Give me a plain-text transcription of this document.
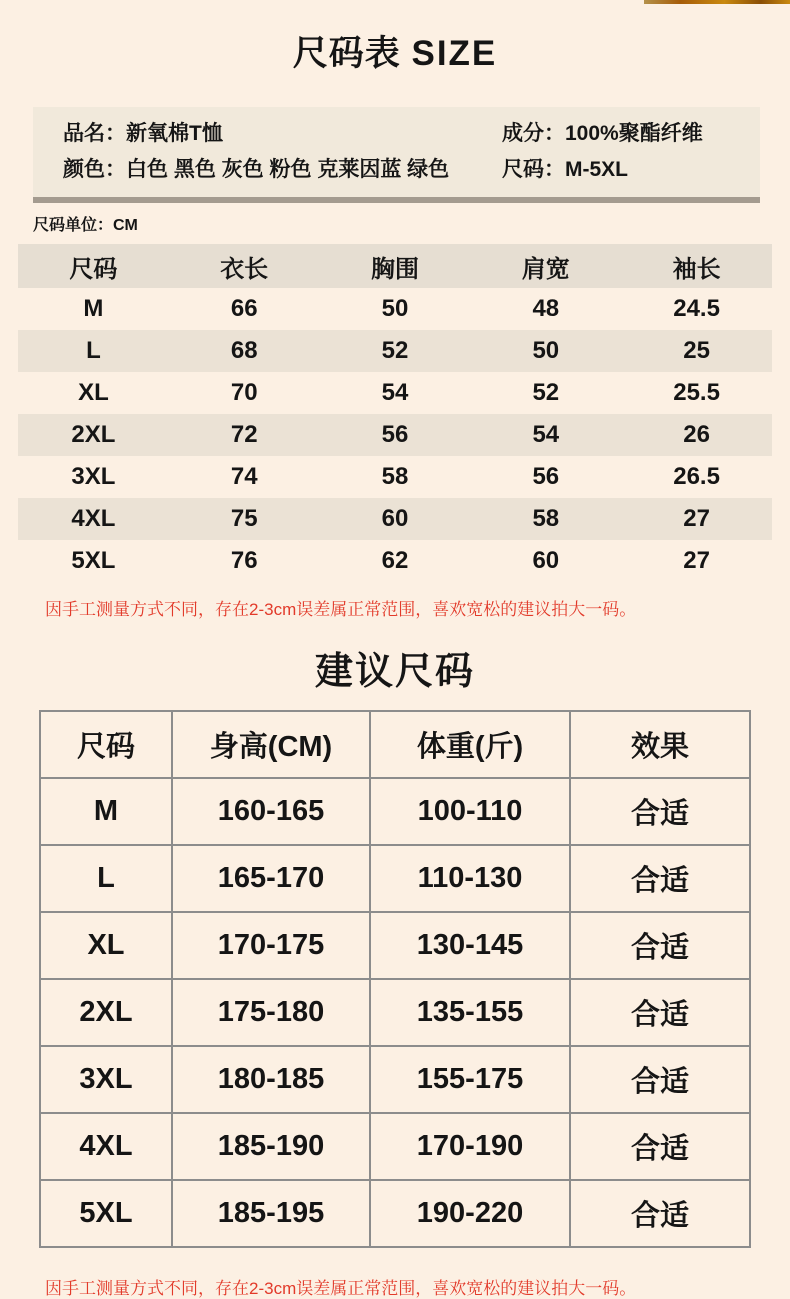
尺码表 SIZE
品名：新氧棉T恤
颜色：白色 黑色 灰色 粉色 克莱因蓝 绿色
成分：100%聚酯纤维
尺码：M-5XL
尺码单位：CM
尺码	衣长	胸围	肩宽	袖长
M	66	50	48	24.5
L	68	52	50	25
XL	70	54	52	25.5
2XL	72	56	54	26
3XL	74	58	56	26.5
4XL	75	60	58	27
5XL	76	62	60	27
因手工测量方式不同，存在2-3cm误差属正常范围，喜欢宽松的建议拍大一码。
建议尺码
尺码	身高(CM)	体重(斤)	效果
M	160-165	100-110	合适
L	165-170	110-130	合适
XL	170-175	130-145	合适
2XL	175-180	135-155	合适
3XL	180-185	155-175	合适
4XL	185-190	170-190	合适
5XL	185-195	190-220	合适
因手工测量方式不同，存在2-3cm误差属正常范围，喜欢宽松的建议拍大一码。
